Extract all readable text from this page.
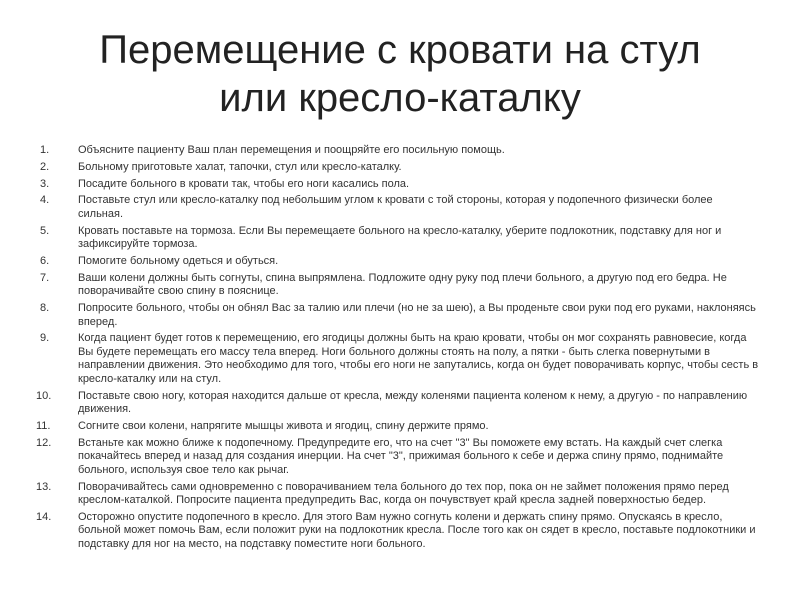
Перемещение с кровати на стул
или кресло-каталку
1.	Объясните пациенту Ваш план перемещения и поощряйте его посильную помощь.
2.	Больному приготовьте халат, тапочки, стул или кресло-каталку.
3.	Посадите больного в кровати так, чтобы его ноги касались пола.
4.	Поставьте стул или кресло-каталку под небольшим углом к кровати с той стороны, которая у подопечного физически более сильная.
5.	Кровать поставьте на тормоза. Если Вы перемещаете больного на кресло-каталку, уберите подлокотник, подставку для ног и зафиксируйте тормоза.
6.	Помогите больному одеться и обуться.
7.	Ваши колени должны быть согнуты, спина выпрямлена. Подложите одну руку под плечи больного, а другую под его бедра. Не поворачивайте свою спину в пояснице.
8.	Попросите больного, чтобы он обнял Вас за талию или плечи (но не за шею), а Вы проденьте свои руки под его руками, наклоняясь вперед.
9.	Когда пациент будет готов к перемещению, его ягодицы должны быть на краю кровати, чтобы он мог сохранять равновесие, когда Вы будете перемещать его массу тела вперед. Ноги больного должны стоять на полу, а пятки - быть слегка повернутыми в направлении движения. Это необходимо для того, чтобы его ноги не запутались, когда он будет поворачивать корпус, чтобы сесть в кресло-каталку или на стул.
10.	Поставьте свою ногу, которая находится дальше от кресла, между коленями пациента коленом к нему, а другую - по направлению движения.
11.	Согните свои колени, напрягите мышцы живота и ягодиц, спину держите прямо.
12.	Встаньте как можно ближе к подопечному. Предупредите его, что на счет "3" Вы поможете ему встать. На каждый счет слегка покачайтесь вперед и назад для создания инерции. На счет "3", прижимая больного к себе и держа спину прямо, поднимайте больного, используя свое тело как рычаг.
13.	Поворачивайтесь сами одновременно с поворачиванием тела больного до тех пор, пока он не займет положения прямо перед креслом-каталкой. Попросите пациента предупредить Вас, когда он почувствует край кресла задней поверхностью бедер.
14.	Осторожно опустите подопечного в кресло. Для этого Вам нужно согнуть колени и держать спину прямо. Опускаясь в кресло, больной может помочь Вам, если положит руки на подлокотник кресла. После того как он сядет в кресло, поставьте подлокотники и подставку для ног на место, на подставку поместите ноги больного.
